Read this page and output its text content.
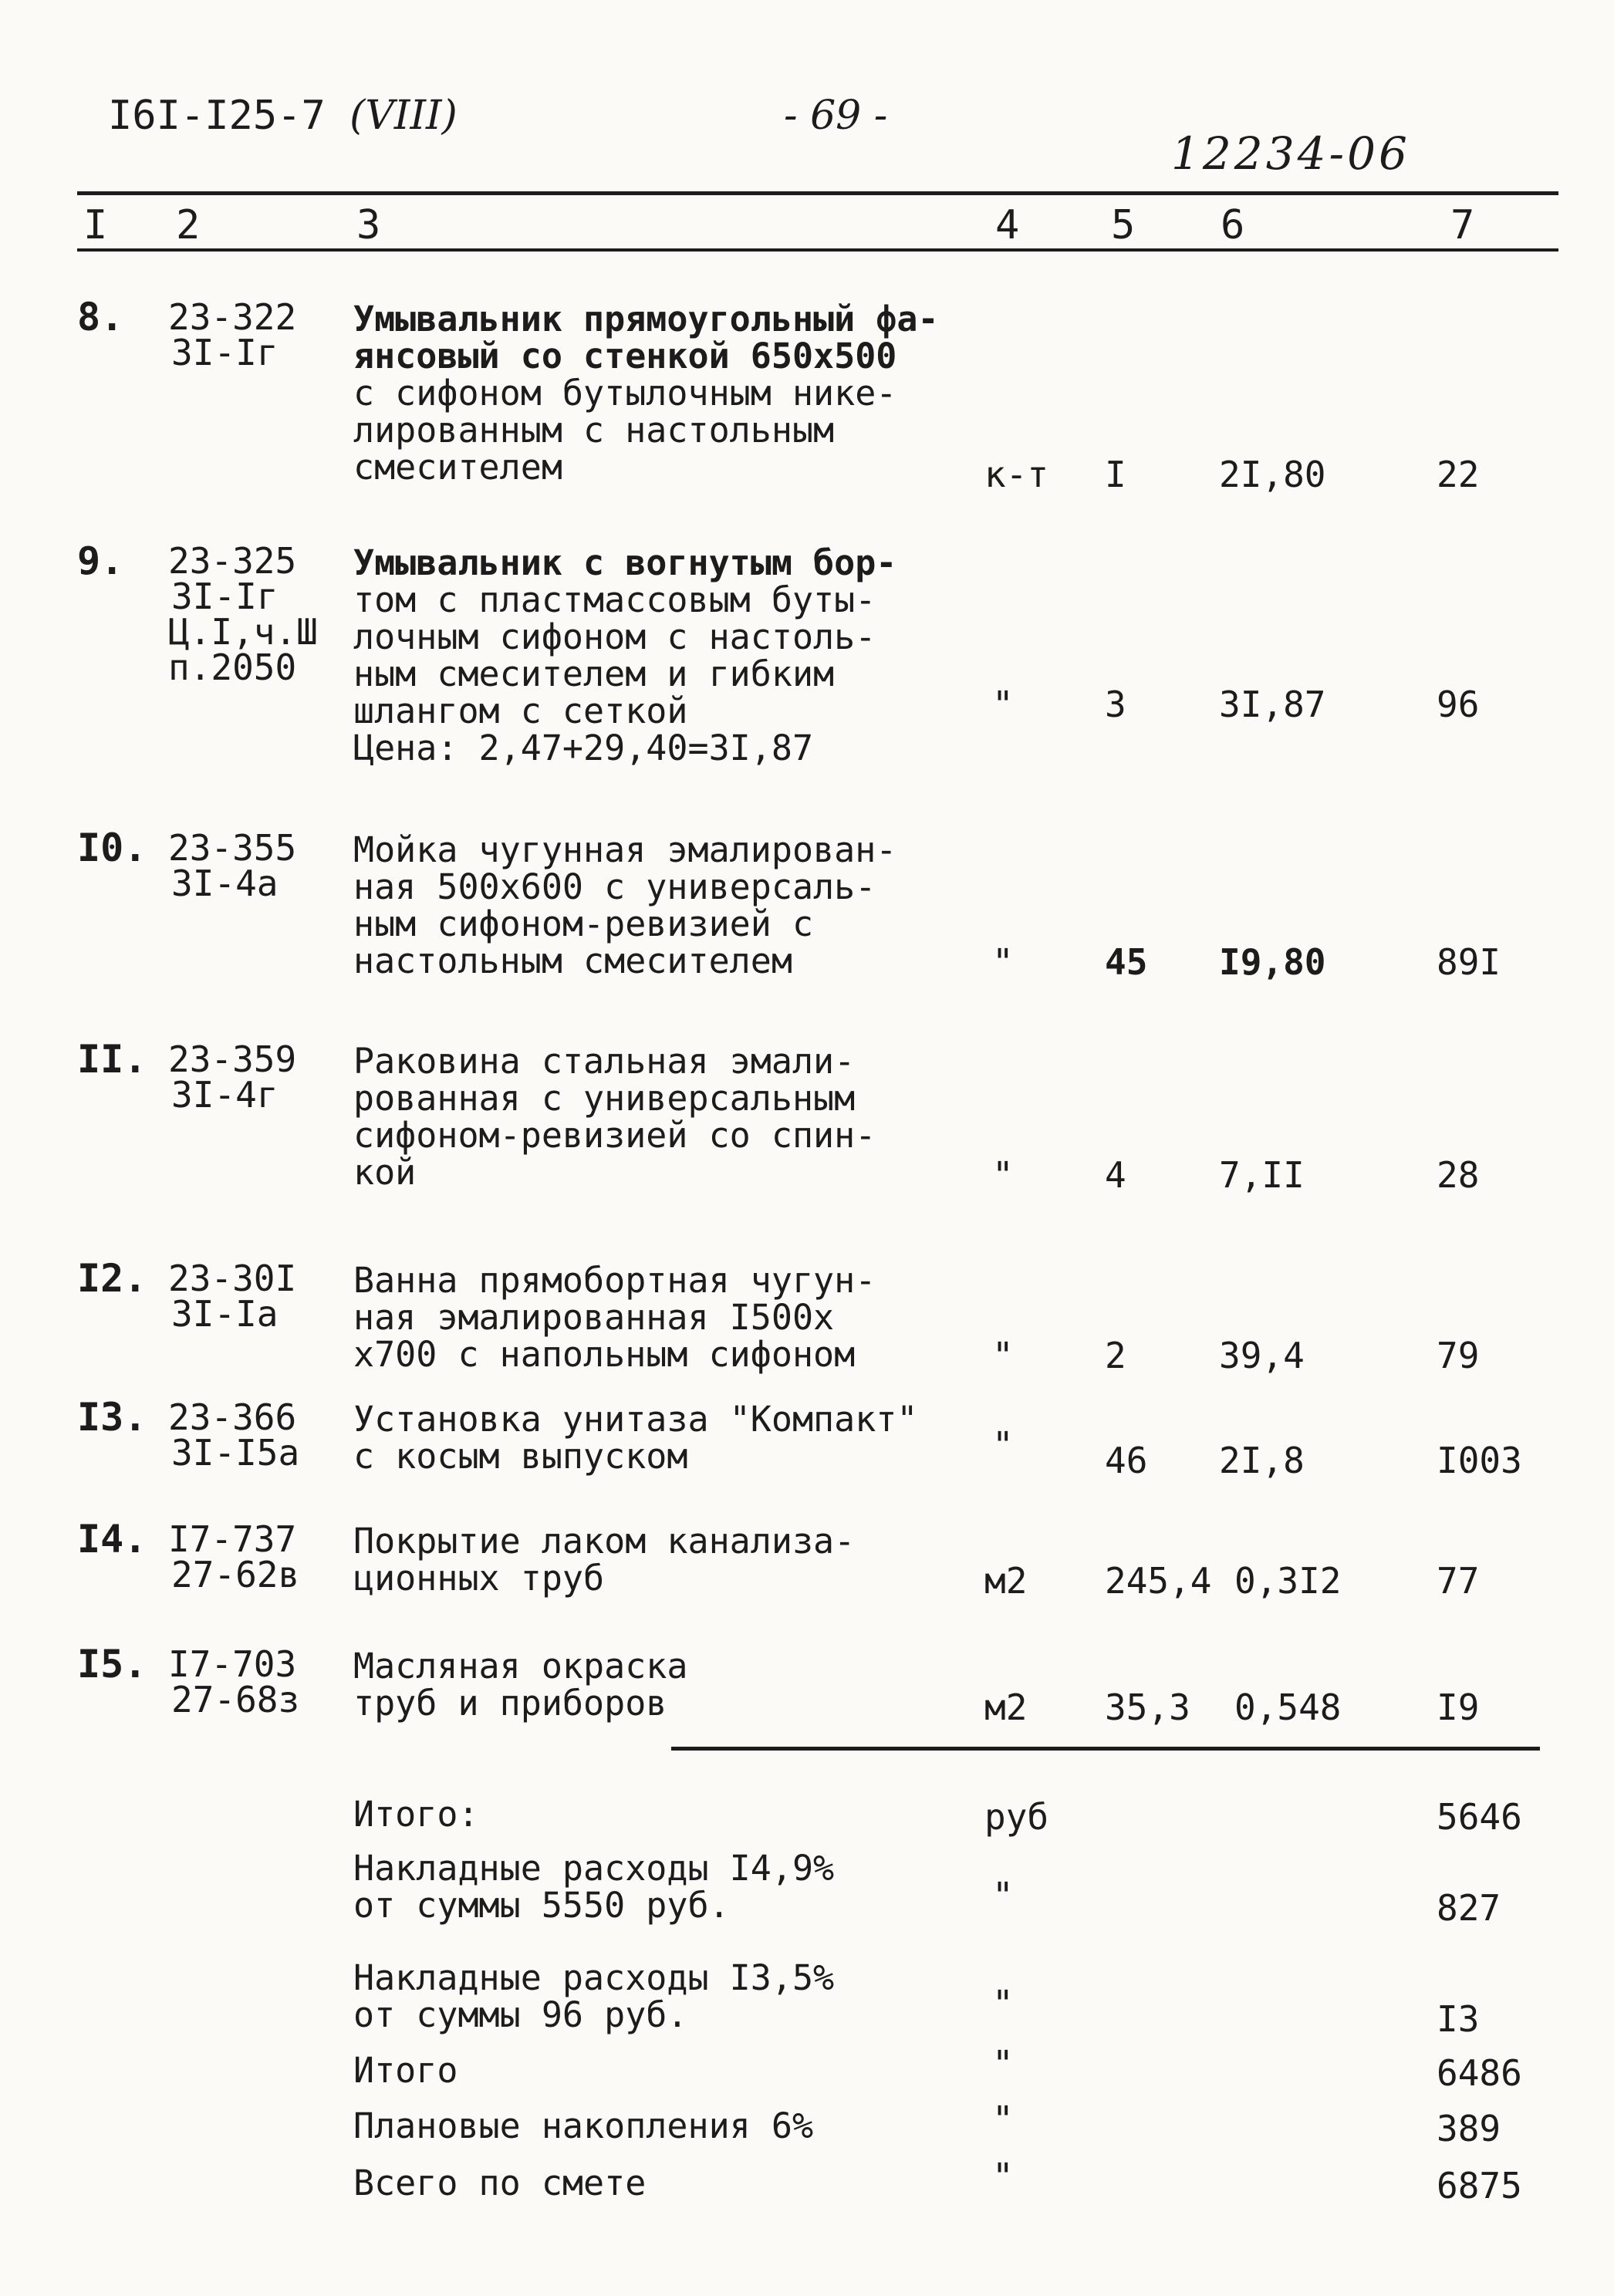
I6I-I25-7 (VIII)	- 69 -
12234-06
I 2	3	4 5 6	7
8. 23-322
3I-Iг
Умывальник прямоугольный фа-
янсовый со стенкой 650x500
с сифоном бутылочным нике-
лированным с настольным
смесителем	к-т I	2I,80	22
9. 23-325
3I-Iг
Ц.I,ч.Ш
п.2050
Умывальник с вогнутым бор-
том с пластмассовым буты-
лочным сифоном с настоль-
ным смесителем и гибким
шлангом с сеткой
Цена: 2,47+29,40=3I,87
"	3	3I,87	96
I0. 23-355
3I-4а
Мойка чугунная эмалирован-
ная 500x600 с универсаль-
ным сифоном-ревизией с
настольным смесителем	"	45 I9,80	89I
II. 23-359
3I-4г
Раковина стальная эмали-
рованная с универсальным
сифоном-ревизией со спин-
кой	"	4	7,II	28
I2. 23-30I
3I-Iа
Ванна прямобортная чугун-
ная эмалированная I500x
x700 с напольным сифоном	"	2	39,4	79
I3. 23-366
3I-I5а
Установка унитаза "Компакт"
с косым выпуском	"	46 2I,8	I003
I4. I7-737
27-62в
Покрытие лаком канализа-
ционных труб	м2 245,4 0,3I2	77
I5. I7-703
27-68з
Масляная окраска
труб и приборов	м2 35,3 0,548	I9
Итого:	руб	5646
Накладные расходы I4,9%
от суммы 5550 руб.	"	827
Накладные расходы I3,5%
от суммы 96 руб.	"	I3
Итого	"	6486
Плановые накопления 6%	"	389
Всего по смете	"	6875
